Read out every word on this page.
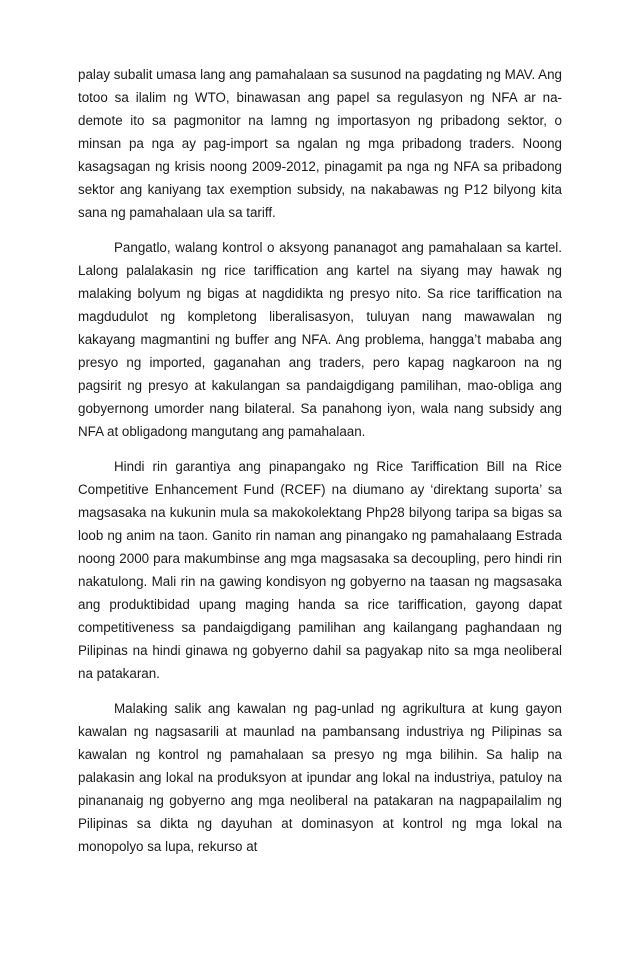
palay subalit umasa lang ang pamahalaan sa susunod na pagdating ng MAV. Ang totoo sa ilalim ng WTO, binawasan ang papel sa regulasyon ng NFA ar na-demote ito sa pagmonitor na lamng ng importasyon ng pribadong sektor, o minsan pa nga ay pag-import sa ngalan ng mga pribadong traders. Noong kasagsagan ng krisis noong 2009-2012, pinagamit pa nga ng NFA sa pribadong sektor ang kaniyang tax exemption subsidy, na nakabawas ng P12 bilyong kita sana ng pamahalaan ula sa tariff.

Pangatlo, walang kontrol o aksyong pananagot ang pamahalaan sa kartel. Lalong palalakasin ng rice tariffication ang kartel na siyang may hawak ng malaking bolyum ng bigas at nagdidikta ng presyo nito. Sa rice tariffication na magdudulot ng kompletong liberalisasyon, tuluyan nang mawawalan ng kakayang magmantini ng buffer ang NFA. Ang problema, hangga’t mababa ang presyo ng imported, gaganahan ang traders, pero kapag nagkaroon na ng pagsirit ng presyo at kakulangan sa pandaigdigang pamilihan, mao-obliga ang gobyernong umorder nang bilateral. Sa panahong iyon, wala nang subsidy ang NFA at obligadong mangutang ang pamahalaan.

Hindi rin garantiya ang pinapangako ng Rice Tariffication Bill na Rice Competitive Enhancement Fund (RCEF) na diumano ay ‘direktang suporta’ sa magsasaka na kukunin mula sa makokolektang Php28 bilyong taripa sa bigas sa loob ng anim na taon. Ganito rin naman ang pinangako ng pamahalaang Estrada noong 2000 para makumbinse ang mga magsasaka sa decoupling, pero hindi rin nakatulong. Mali rin na gawing kondisyon ng gobyerno na taasan ng magsasaka ang produktibidad upang maging handa sa rice tariffication, gayong dapat competitiveness sa pandaigdigang pamilihan ang kailangang paghandaan ng Pilipinas na hindi ginawa ng gobyerno dahil sa pagyakap nito sa mga neoliberal na patakaran.

Malaking salik ang kawalan ng pag-unlad ng agrikultura at kung gayon kawalan ng nagsasarili at maunlad na pambansang industriya ng Pilipinas sa kawalan ng kontrol ng pamahalaan sa presyo ng mga bilihin. Sa halip na palakasin ang lokal na produksyon at ipundar ang lokal na industriya, patuloy na pinananaig ng gobyerno ang mga neoliberal na patakaran na nagpapailalim ng Pilipinas sa dikta ng dayuhan at dominasyon at kontrol ng mga lokal na monopolyo sa lupa, rekurso at
